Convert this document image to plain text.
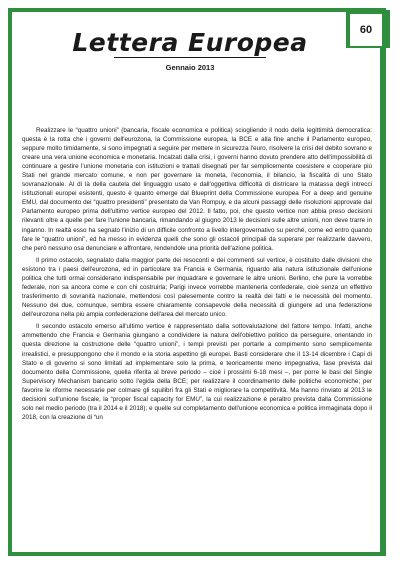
60
Lettera Europea
Gennaio 2013

Realizzare le “quattro unioni” (bancaria, fiscale economica e politica) sciogliendo il nodo della legittimità democratica: questa è la rotta che i governi dell'eurozona, la Commissione europea, la BCE e alla fine anche il Parlamento europeo, seppure molto timidamente, si sono impegnati a seguire per mettere in sicurezza l'euro, risolvere la crisi del debito sovrano e creare una vera unione economica e monetaria. Incalzati dalla crisi, i governi hanno dovuto prendere atto dell'impossibilità di continuare a gestire l'unione monetaria con istituzioni e trattati disegnati per far semplicemente coesistere e cooperare più Stati nel grande mercato comune, e non per governare la moneta, l'economia, il bilancio, la fiscalità di uno Stato sovranazionale. Al di là della cautela del linguaggio usato e dall'oggettiva difficoltà di districare la matassa degli intrecci istituzionali europei esistenti, questo è quanto emerge dal Blueprint della Commissione europea For a deep and genuine EMU, dal documento dei “quattro presidenti” presentato da Van Rompuy, e da alcuni passaggi delle risoluzioni approvate dal Parlamento europeo prima dell'ultimo vertice europeo del 2012. Il fatto, poi, che questo vertice non abbia preso decisioni rilevanti oltre a quelle per fare l'unione bancaria, rimandando al giugno 2013 le decisioni sulle altre unioni, non deve trarre in inganno. In realtà esso ha segnato l'inizio di un difficile confronto a livello intergovernativo su perché, come ed entro quando fare le “quattro unioni”, ed ha messo in evidenza quelli che sono gli ostacoli principali da superare per realizzarle davvero, che però nessuno osa denunciare e affrontare, rendendole una priorità dell'azione politica.

Il primo ostacolo, segnalato dalla maggior parte dei resoconti e dei commenti sul vertice, è costituito dalle divisioni che esistono tra i paesi dell'eurozona, ed in particolare tra Francia e Germania, riguardo alla natura istituzionale dell'unione politica che tutti ormai considerano indispensabile per inquadrare e governare le altre unioni. Berlino, che pure la vorrebbe federale, non sa ancora come e con chi costruirla; Parigi invece vorrebbe mantenerla confederale, cioè senza un effettivo trasferimento di sovranità nazionale, mettendosi così palesemente contro la realtà dei fatti e le necessità del momento. Nessuno dei due, comunque, sembra essere chiaramente consapevole della necessità di giungere ad una federazione dell'eurozona nella più ampia confederazione dell'area del mercato unico.

Il secondo ostacolo emerso all'ultimo vertice è rappresentato dalla sottovalutazione del fattore tempo. Infatti, anche ammettendo che Francia e Germania giungano a condividere la natura dell'obiettivo politico da perseguire, orientando in questa direzione la costruzione delle “quattro unioni”, i tempi previsti per portarle a compimento sono semplicemente irrealistici, e presuppongono che il mondo e la storia aspettino gli europei. Basti considerare che il 13-14 dicembre i Capi di Stato e di governo si sono limitati ad implementare solo la prima, e teoricamente meno impegnativa, fase prevista dal documento della Commissione, quella riferita al breve periodo – cioè i prossimi 6-18 mesi –, per porre le basi del Single Supervisory Mechanism bancario sotto l'egida della BCE; per realizzare il coordinamento delle politiche economiche; per favorire le riforme necessarie per colmare gli squilibri fra gli Stati e migliorare la competitività. Ma hanno rinviato al 2013 le decisioni sull'unione fiscale, la “proper fiscal capacity for EMU”, la cui realizzazione è peraltro prevista dalla Commissione solo nel medio periodo (tra il 2014 e il 2018); e quelle sul completamento dell'unione economica e politica immaginata dopo il 2018, con la creazione di “un
